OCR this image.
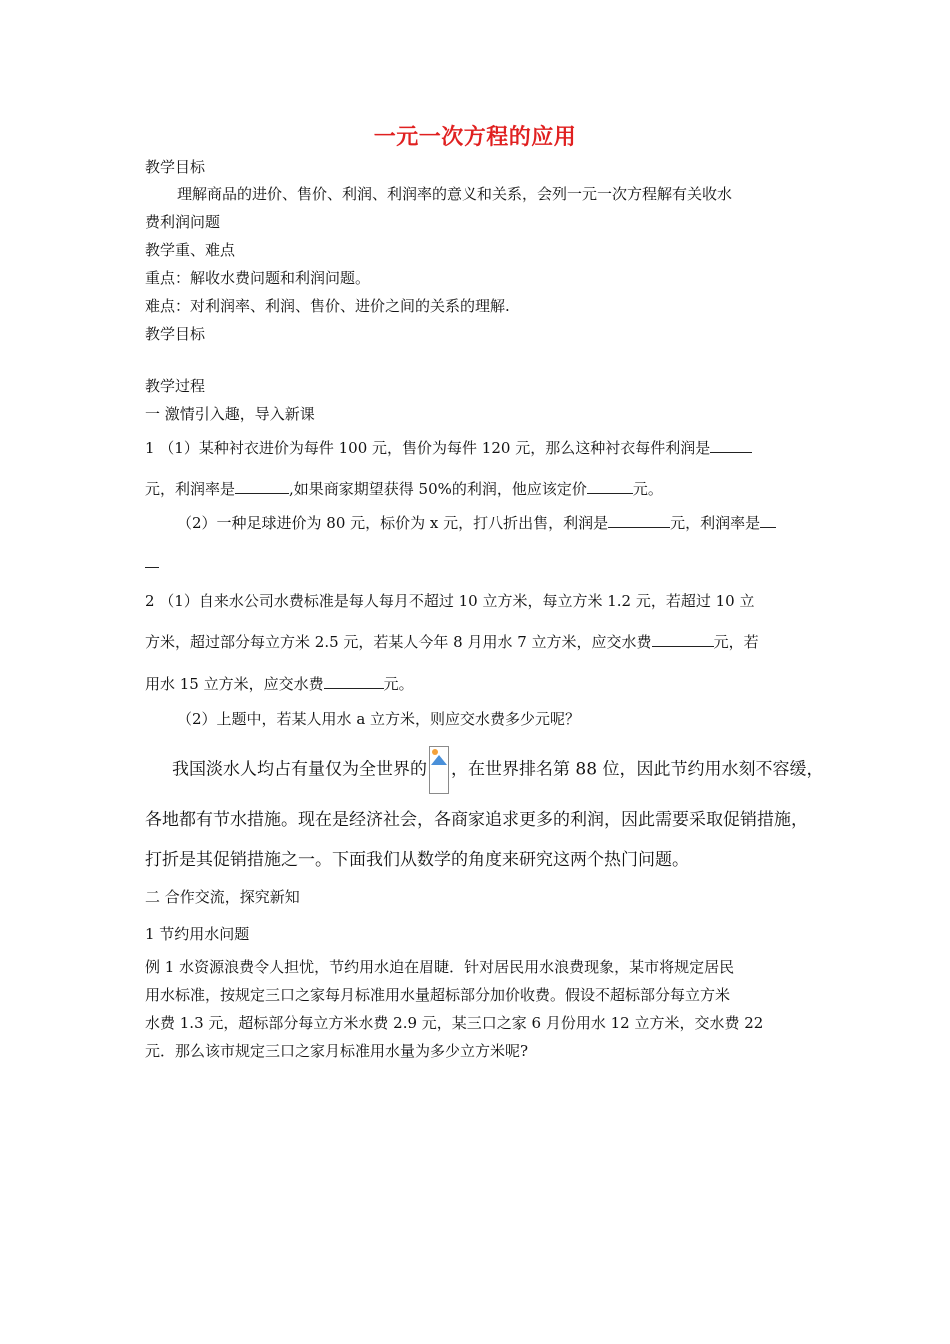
一元一次方程的应用
教学目标
理解商品的进价、售价、利润、利润率的意义和关系，会列一元一次方程解有关收水
费利润问题
教学重、难点
重点：解收水费问题和利润问题。
难点：对利润率、利润、售价、进价之间的关系的理解.
教学目标
教学过程
一 激情引入趣，导入新课
1 （1）某种衬衣进价为每件 100 元，售价为每件 120 元，那么这种衬衣每件利润是
元，利润率是	,如果商家期望获得 50%的利润，他应该定价	元。
（2）一种足球进价为 80 元，标价为 x 元，打八折出售，利润是	元，利润率是
2 （1）自来水公司水费标准是每人每月不超过 10 立方米，每立方米 1.2 元，若超过 10 立
方米，超过部分每立方米 2.5 元，若某人今年 8 月用水 7 立方米，应交水费	元，若
用水 15 立方米，应交水费	元。
（2）上题中，若某人用水 a 立方米，则应交水费多少元呢？
我国淡水人均占有量仅为全世界的 ，在世界排名第 88 位，因此节约用水刻不容缓，
各地都有节水措施。现在是经济社会，各商家追求更多的利润，因此需要采取促销措施，
打折是其促销措施之一。下面我们从数学的角度来研究这两个热门问题。
二 合作交流，探究新知
1 节约用水问题
例 1 水资源浪费令人担忧，节约用水迫在眉睫．针对居民用水浪费现象，某市将规定居民
用水标准，按规定三口之家每月标准用水量超标部分加价收费。假设不超标部分每立方米
水费 1.3 元，超标部分每立方米水费 2.9 元，某三口之家 6 月份用水 12 立方米，交水费 22
元．那么该市规定三口之家月标准用水量为多少立方米呢?
